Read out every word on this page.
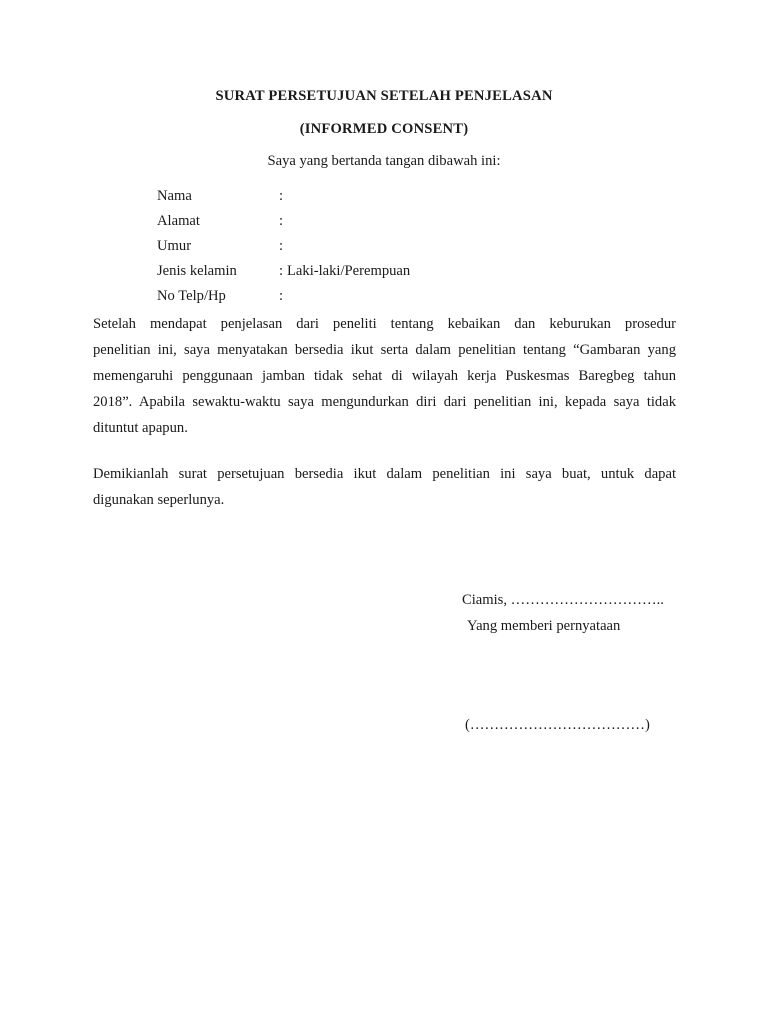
SURAT PERSETUJUAN SETELAH PENJELASAN
(INFORMED CONSENT)
Saya yang bertanda tangan dibawah ini:
Nama	:
Alamat	:
Umur	:
Jenis kelamin	: Laki-laki/Perempuan
No Telp/Hp	:
Setelah mendapat penjelasan dari peneliti tentang kebaikan dan keburukan prosedur
penelitian ini, saya menyatakan bersedia ikut serta dalam penelitian tentang “Gambaran yang
memengaruhi penggunaan jamban tidak sehat di wilayah kerja Puskesmas Baregbeg tahun
2018”. Apabila sewaktu-waktu saya mengundurkan diri dari penelitian ini, kepada saya tidak
dituntut apapun.
Demikianlah surat persetujuan bersedia ikut dalam penelitian ini saya buat, untuk dapat
digunakan seperlunya.
Ciamis, …………………………..
Yang memberi pernyataan
(………………………………)
